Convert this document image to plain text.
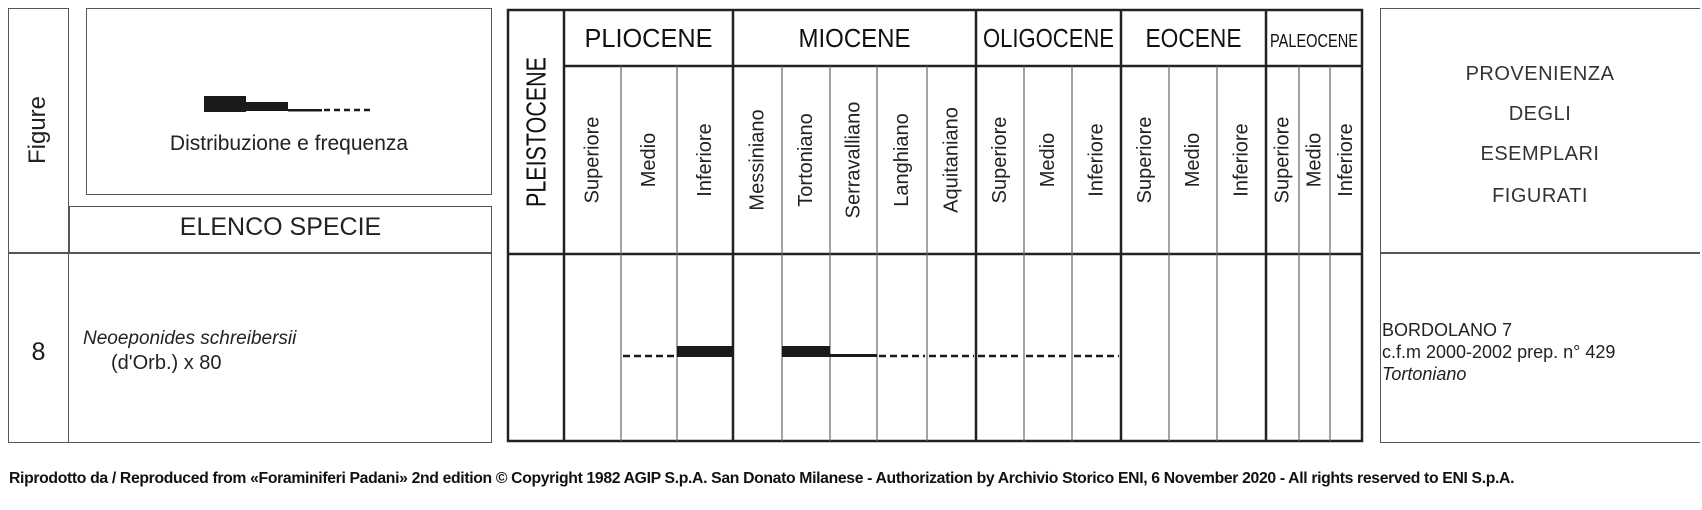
Figure	Distribuzione e frequenza
ELENCO SPECIE
8	Neoeponides schreibersii
(d'Orb.) x 80
PLEISTOCENE PLIOCENE
Superiore Medio Inferiore
MIOCENE
Messiniano Tortoniano Serravalliano Langhiano Aquitaniano
OLIGOCENE
Superiore Medio Inferiore
EOCENE
Superiore Medio Inferiore
PALEOCENE
Superiore Medio Inferiore
PROVENIENZA
DEGLI
ESEMPLARI
FIGURATI
BORDOLANO 7
c.f.m 2000-2002 prep. n° 429
Tortoniano
Riprodotto da / Reproduced from «Foraminiferi Padani» 2nd edition © Copyright 1982 AGIP S.p.A. San Donato Milanese - Authorization by Archivio Storico ENI, 6 November 2020 - All rights reserved to ENI S.p.A.
